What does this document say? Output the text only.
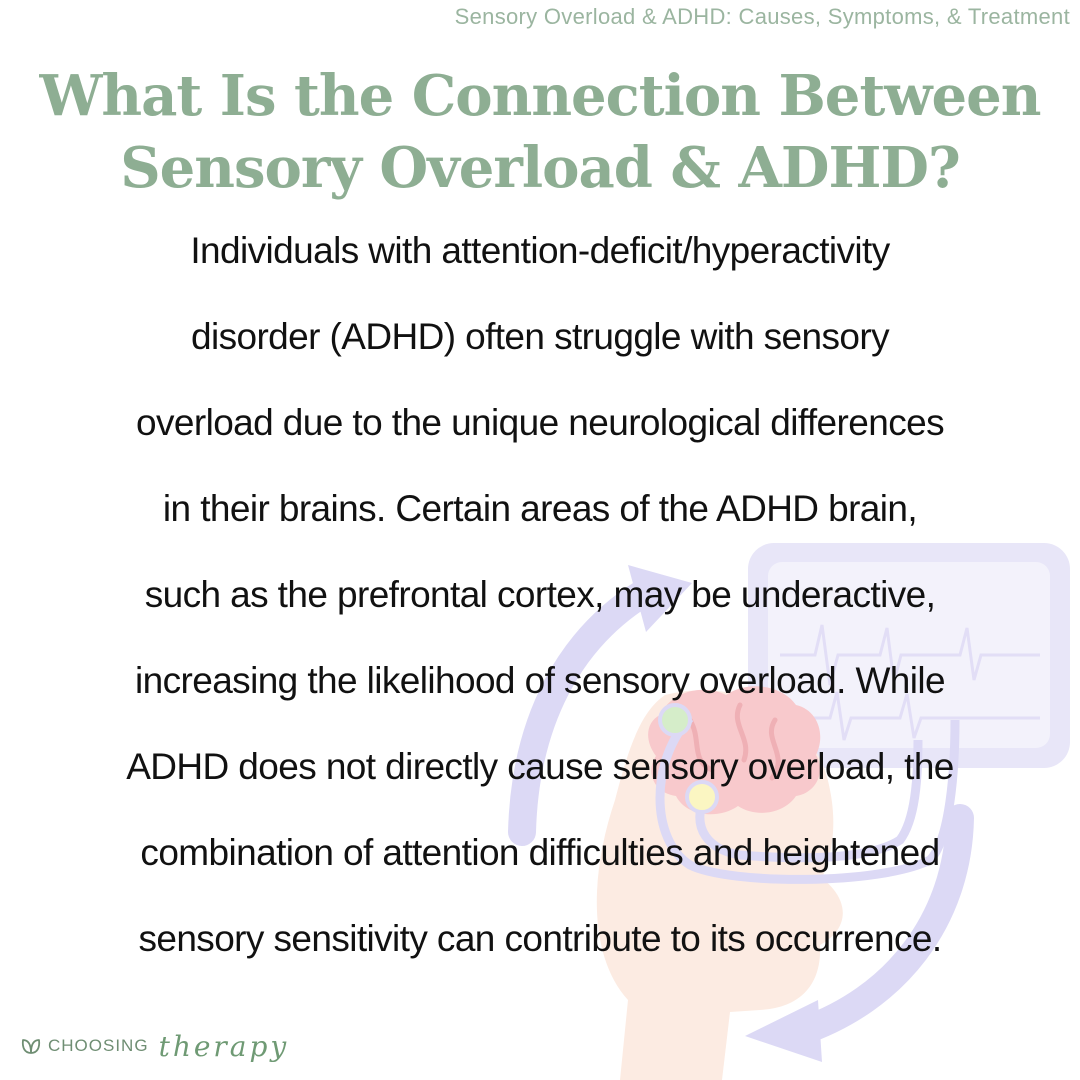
Sensory Overload & ADHD: Causes, Symptoms, & Treatment
What Is the Connection Between
Sensory Overload & ADHD?

Individuals with attention-deficit/hyperactivity
disorder (ADHD) often struggle with sensory
overload due to the unique neurological differences
in their brains. Certain areas of the ADHD brain,
such as the prefrontal cortex, may be underactive,
increasing the likelihood of sensory overload. While
ADHD does not directly cause sensory overload, the
combination of attention difficulties and heightened
sensory sensitivity can contribute to its occurrence.

CHOOSING therapy
